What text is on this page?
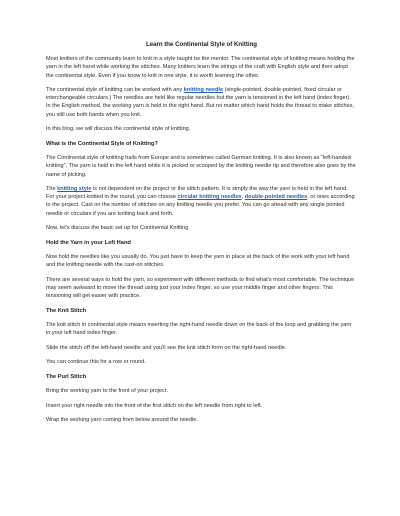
Learn the Continental Style of Knitting

Most knitters of the community learn to knit in a style taught be the mentor. The continental style of knitting means holding the yarn in the left hand while working the stitches. Many knitters learn the strings of the craft with English style and then adopt the continental style. Even if you know to knit in one style, it is worth learning the other.

The continental style of knitting can be worked with any knitting needle (single-pointed, double-pointed, fixed circular or interchangeable circulars.) The needles are held like regular needles but the yarn is tensioned in the left hand (index finger). In the English method, the working yarn is held in the right hand. But no matter which hand holds the thread to make stitches, you still use both hands when you knit.

In this blog, we will discuss the continental style of knitting.

What is the Continental Style of Knitting?

The Continental style of knitting hails from Europe and is sometimes called German knitting. It is also known as "left-handed knitting". The yarn is held in the left hand while it is picked or scooped by the knitting needle tip and therefore also goes by the name of picking.

The knitting style is not dependent on the project or the stitch pattern. It is simply the way the yarn is held in the left hand. For your project knitted in the round, you can choose circular knitting needles, double-pointed needles, or ones according to the project. Cast on the number of stitches on any knitting needle you prefer. You can go ahead with any single pointed needle or circulars if you are knitting back and forth.

Now, let's discuss the basic set up for Continental Knitting

Hold the Yarn in your Left Hand

Now hold the needles like you usually do. You just have to keep the yarn in place at the back of the work with your left hand and the knitting needle with the cast-on stitches.

There are several ways to hold the yarn, so experiment with different methods to find what's most comfortable. The technique may seem awkward to move the thread using just your index finger, so use your middle finger and other fingers. This tensioning will get easier with practice.

The Knit Stitch

The knit stitch in continental style means inserting the right-hand needle down on the back of the loop and grabbing the yarn in your left hand index finger.

Slide the stitch off the left-hand needle and you'll see the knit stitch form on the right-hand needle.

You can continue this for a row or round.

The Purl Stitch

Bring the working yarn to the front of your project.

Insert your right needle into the front of the first stitch on the left needle from right to left.

Wrap the working yarn coming from below around the needle.
